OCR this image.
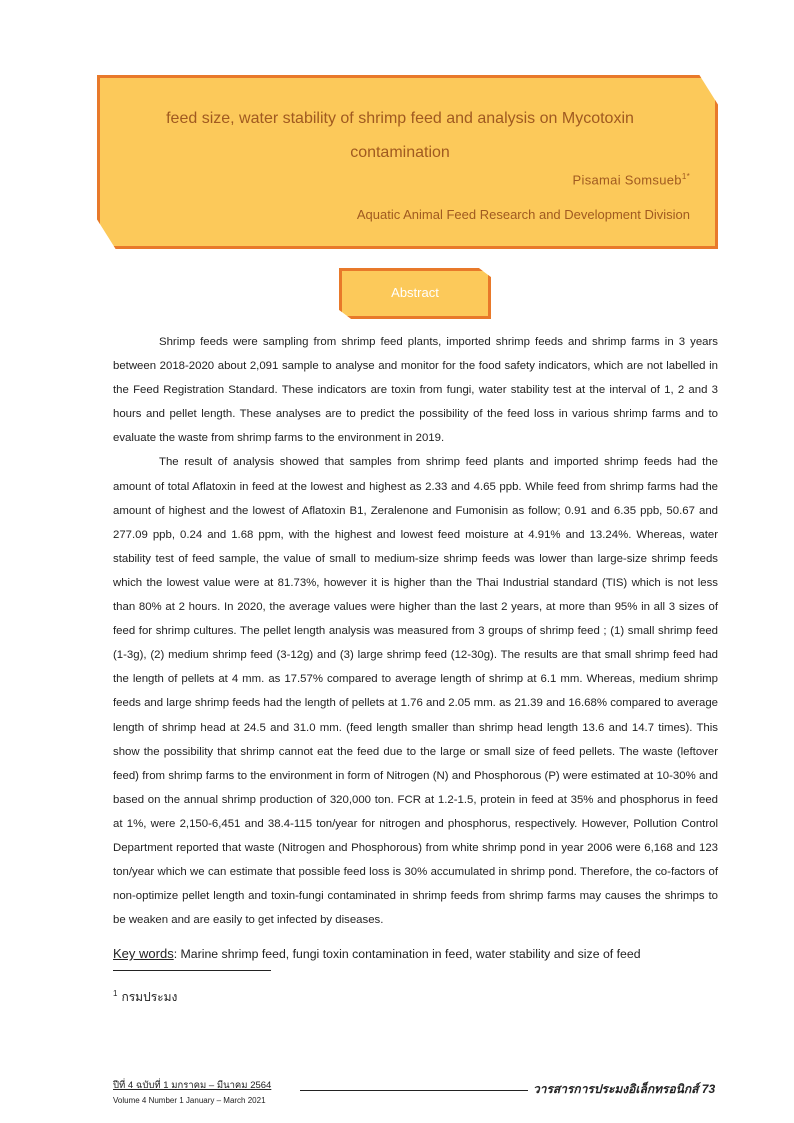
feed size, water stability of shrimp feed and analysis on Mycotoxin
contamination
Pisamai Somsueb$^{1*}$
Aquatic Animal Feed Research and Development Division
Abstract

Shrimp feeds were sampling from shrimp feed plants, imported shrimp feeds and shrimp farms in 3 years between 2018-2020 about 2,091 sample to analyse and monitor for the food safety indicators, which are not labelled in the Feed Registration Standard. These indicators are toxin from fungi, water stability test at the interval of 1, 2 and 3 hours and pellet length. These analyses are to predict the possibility of the feed loss in various shrimp farms and to evaluate the waste from shrimp farms to the environment in 2019.

The result of analysis showed that samples from shrimp feed plants and imported shrimp feeds had the amount of total Aflatoxin in feed at the lowest and highest as 2.33 and 4.65 ppb. While feed from shrimp farms had the amount of highest and the lowest of Aflatoxin B1, Zeralenone and Fumonisin as follow; 0.91 and 6.35 ppb, 50.67 and 277.09 ppb, 0.24 and 1.68 ppm, with the highest and lowest feed moisture at 4.91% and 13.24%. Whereas, water stability test of feed sample, the value of small to medium-size shrimp feeds was lower than large-size shrimp feeds which the lowest value were at 81.73%, however it is higher than the Thai Industrial standard (TIS) which is not less than 80% at 2 hours. In 2020, the average values were higher than the last 2 years, at more than 95% in all 3 sizes of feed for shrimp cultures. The pellet length analysis was measured from 3 groups of shrimp feed ; (1) small shrimp feed (1-3g), (2) medium shrimp feed (3-12g) and (3) large shrimp feed (12-30g). The results are that small shrimp feed had the length of pellets at 4 mm. as 17.57% compared to average length of shrimp at 6.1 mm. Whereas, medium shrimp feeds and large shrimp feeds had the length of pellets at 1.76 and 2.05 mm. as 21.39 and 16.68% compared to average length of shrimp head at 24.5 and 31.0 mm. (feed length smaller than shrimp head length 13.6 and 14.7 times). This show the possibility that shrimp cannot eat the feed due to the large or small size of feed pellets. The waste (leftover feed) from shrimp farms to the environment in form of Nitrogen (N) and Phosphorous (P) were estimated at 10-30% and based on the annual shrimp production of 320,000 ton. FCR at 1.2-1.5, protein in feed at 35% and phosphorus in feed at 1%, were 2,150-6,451 and 38.4-115 ton/year for nitrogen and phosphorus, respectively. However, Pollution Control Department reported that waste (Nitrogen and Phosphorous) from white shrimp pond in year 2006 were 6,168 and 123 ton/year which we can estimate that possible feed loss is 30% accumulated in shrimp pond. Therefore, the co-factors of non-optimize pellet length and toxin-fungi contaminated in shrimp feeds from shrimp farms may causes the shrimps to be weaken and are easily to get infected by diseases.

Key words: Marine shrimp feed, fungi toxin contamination in feed, water stability and size of feed
$^1$ กรมประมง
ปีที่ 4 ฉบับที่ 1 มกราคม – มีนาคม 2564	วารสารการประมงอิเล็กทรอนิกส์ 73
Volume 4 Number 1 January – March 2021
